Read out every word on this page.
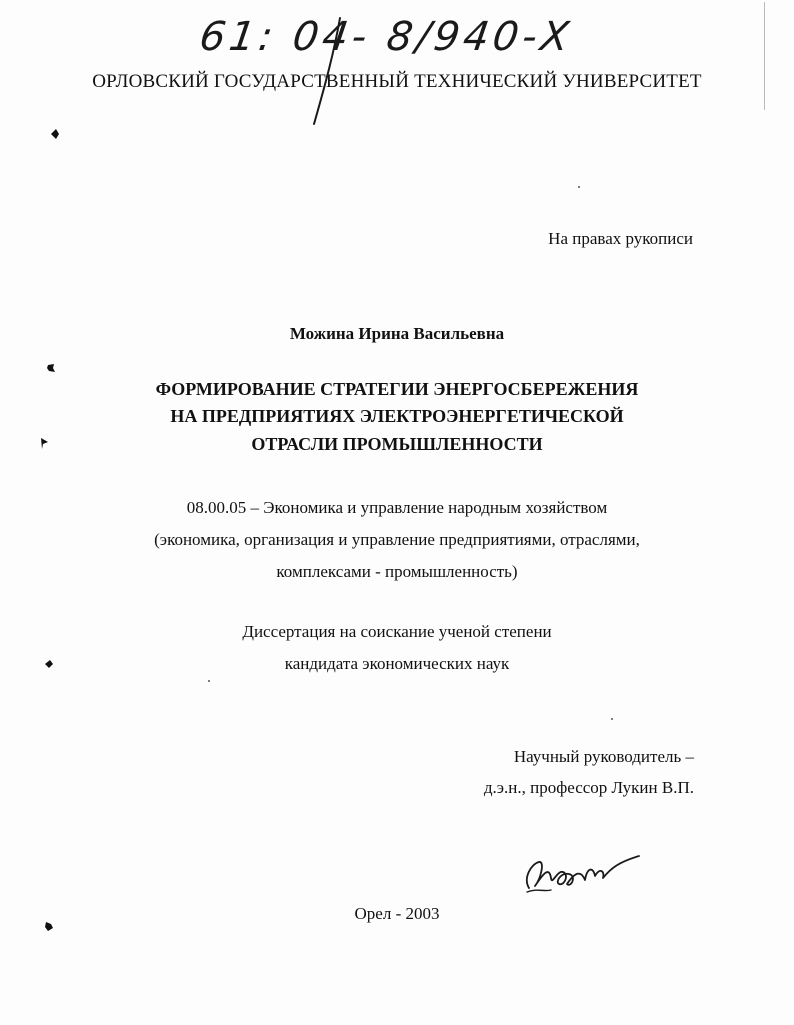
61: 04- 8/940-Х
ОРЛОВСКИЙ ГОСУДАРСТВЕННЫЙ ТЕХНИЧЕСКИЙ УНИВЕРСИТЕТ
На правах рукописи
Можина Ирина Васильевна
ФОРМИРОВАНИЕ СТРАТЕГИИ ЭНЕРГОСБЕРЕЖЕНИЯ
НА ПРЕДПРИЯТИЯХ ЭЛЕКТРОЭНЕРГЕТИЧЕСКОЙ
ОТРАСЛИ ПРОМЫШЛЕННОСТИ
08.00.05 – Экономика и управление народным хозяйством
(экономика, организация и управление предприятиями, отраслями,
комплексами - промышленность)
Диссертация на соискание ученой степени
кандидата экономических наук
Научный руководитель –
д.э.н., профессор Лукин В.П.
Орел - 2003
